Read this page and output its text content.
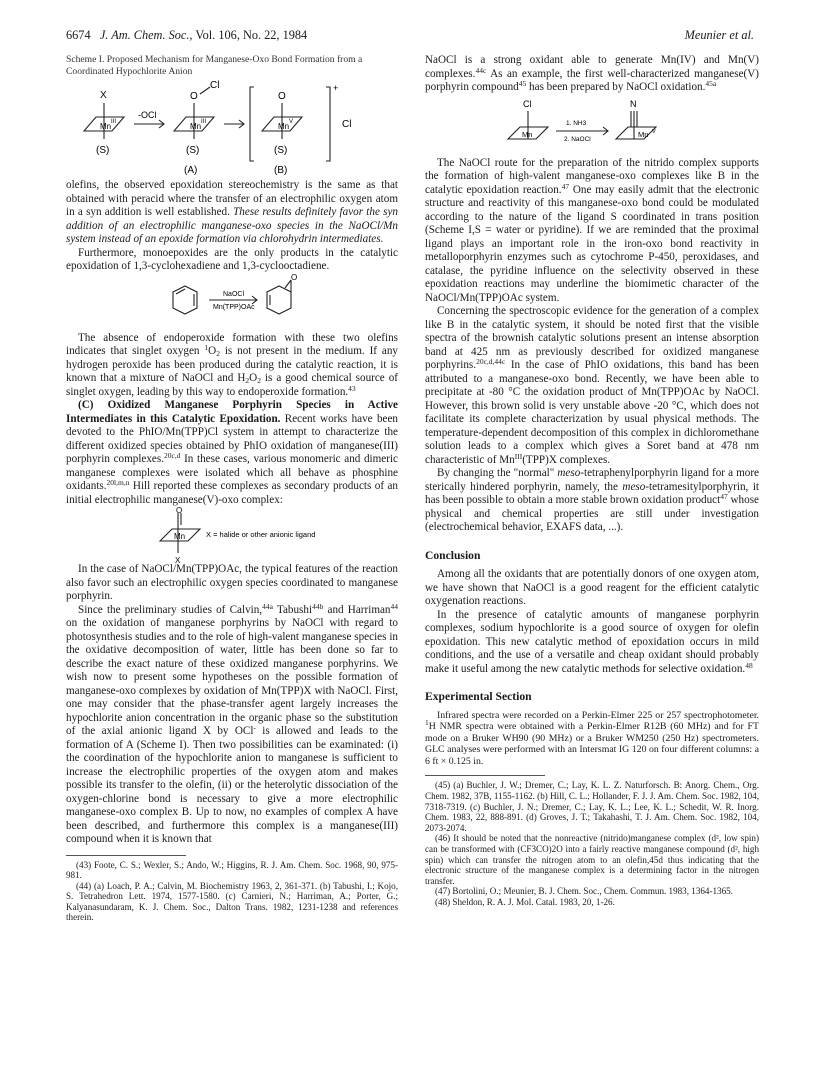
6674 J. Am. Chem. Soc., Vol. 106, No. 22, 1984	Meunier et al.
Scheme I. Proposed Mechanism for Manganese-Oxo Bond Formation from a Coordinated Hypochlorite Anion
X
Mn III
(S)
-OCl
O
Cl
Mn III
(S)
(A)
O
Mn V
(S)
(B)
+
Cl

olefins, the observed epoxidation stereochemistry is the same as that obtained with peracid where the transfer of an electrophilic oxygen atom in a syn addition is well established. These results definitely favor the syn addition of an electrophilic manganese-oxo species in the NaOCl/Mn system instead of an epoxide formation via chlorohydrin intermediates.

Furthermore, monoepoxides are the only products in the catalytic epoxidation of 1,3-cyclohexadiene and 1,3-cyclooctadiene.

NaOCl
Mn(TPP)OAc
O

The absence of endoperoxide formation with these two olefins indicates that singlet oxygen $^1O_2$ is not present in the medium. If any hydrogen peroxide has been produced during the catalytic reaction, it is known that a mixture of NaOCl and $H_2O_2$ is a good chemical source of singlet oxygen, leading by this way to endoperoxide formation.$^{43}$

(C) Oxidized Manganese Porphyrin Species in Active Intermediates in this Catalytic Epoxidation. Recent works have been devoted to the PhIO/Mn(TPP)Cl system in attempt to characterize the different oxidized species obtained by PhIO oxidation of manganese(III) porphyrin complexes.$^{20c,d}$ In these cases, various monomeric and dimeric manganese complexes were isolated which all behave as phosphine oxidants.$^{20l,m,n}$ Hill reported these complexes as secondary products of an initial electrophilic manganese(V)-oxo complex:

O
Mn
X
X = halide or other anionic ligand

In the case of NaOCl/Mn(TPP)OAc, the typical features of the reaction also favor such an electrophilic oxygen species coordinated to manganese porphyrin.

Since the preliminary studies of Calvin,$^{44a}$ Tabushi$^{44b}$ and Harriman$^{44}$ on the oxidation of manganese porphyrins by NaOCl with regard to photosynthesis studies and to the role of high-valent manganese species in the oxidative decomposition of water, little has been done so far to describe the exact nature of these oxidized manganese porphyrins. We wish now to present some hypotheses on the possible formation of manganese-oxo complexes by oxidation of Mn(TPP)X with NaOCl. First, one may consider that the phase-transfer agent largely increases the hypochlorite anion concentration in the organic phase so the substitution of the axial anionic ligand X by OCl- is allowed and leads to the formation of A (Scheme I). Then two possibilities can be examinated: (i) the coordination of the hypochlorite anion to manganese is sufficient to increase the electrophilic properties of the oxygen atom and makes possible its transfer to the olefin, (ii) or the heterolytic dissociation of the oxygen-chlorine bond is necessary to give a more electrophilic manganese-oxo complex B. Up to now, no examples of complex A have been described, and furthermore this complex is a manganese(III) compound when it is known that

(43) Foote, C. S.; Wexler, S.; Ando, W.; Higgins, R. J. Am. Chem. Soc. 1968, 90, 975-981.

(44) (a) Loach, P. A.; Calvin, M. Biochemistry 1963, 2, 361-371. (b) Tabushi, I.; Kojo, S. Tetrahedron Lett. 1974, 1577-1580. (c) Carnieri, N.; Harriman, A.; Porter, G.; Kalyanasundaram, K. J. Chem. Soc., Dalton Trans. 1982, 1231-1238 and references therein.

NaOCl is a strong oxidant able to generate Mn(IV) and Mn(V) complexes.$^{44c}$ As an example, the first well-characterized manganese(V) porphyrin compound$^{45}$ has been prepared by NaOCl oxidation.$^{45a}$

Cl
Mn
1. NH3
2. NaOCl
N
Mn V

The NaOCl route for the preparation of the nitrido complex supports the formation of high-valent manganese-oxo complexes like B in the catalytic epoxidation reaction.$^{47}$ One may easily admit that the electronic structure and reactivity of this manganese-oxo bond could be modulated according to the nature of the ligand S coordinated in trans position (Scheme I,S = water or pyridine). If we are reminded that the proximal ligand plays an important role in the iron-oxo bond reactivity in metalloporphyrin enzymes such as cytochrome P-450, peroxidases, and catalase, the pyridine influence on the selectivity observed in these epoxidation reactions may underline the biomimetic character of the NaOCl/Mn(TPP)OAc system.

Concerning the spectroscopic evidence for the generation of a complex like B in the catalytic system, it should be noted first that the visible spectra of the brownish catalytic solutions present an intense absorption band at 425 nm as previously described for oxidized manganese porphyrins.$^{20c,d,44c}$ In the case of PhIO oxidations, this band has been attributed to a manganese-oxo bond. Recently, we have been able to precipitate at -80 °C the oxidation product of Mn(TPP)OAc by NaOCl. However, this brown solid is very unstable above -20 °C, which does not facilitate its complete characterization by usual physical methods. The temperature-dependent decomposition of this complex in dichloromethane solution leads to a complex which gives a Soret band at 478 nm characteristic of $Mn^{III}(TPP)X$ complexes.

By changing the "normal" meso-tetraphenylporphyrin ligand for a more sterically hindered porphyrin, namely, the meso-tetramesitylporphyrin, it has been possible to obtain a more stable brown oxidation product$^{47}$ whose physical and chemical properties are still under investigation (electrochemical behavior, EXAFS data, ...).

Conclusion

Among all the oxidants that are potentially donors of one oxygen atom, we have shown that NaOCl is a good reagent for the efficient catalytic oxygenation reactions.

In the presence of catalytic amounts of manganese porphyrin complexes, sodium hypochlorite is a good source of oxygen for olefin epoxidation. This new catalytic method of epoxidation occurs in mild conditions, and the use of a versatile and cheap oxidant should probably make it useful among the new catalytic methods for selective oxidation.$^{48}$

Experimental Section

Infrared spectra were recorded on a Perkin-Elmer 225 or 257 spectrophotometer. $^1$H NMR spectra were obtained with a Perkin-Elmer R12B (60 MHz) and for FT mode on a Bruker WH90 (90 MHz) or a Bruker WM250 (250 Hz) spectrometers. GLC analyses were performed with an Intersmat IG 120 on four different columns: a 6 ft × 0.125 in.

(45) (a) Buchler, J. W.; Dremer, C.; Lay, K. L. Z. Naturforsch. B: Anorg. Chem., Org. Chem. 1982, 37B, 1155-1162. (b) Hill, C. L.; Hollander, F. J. J. Am. Chem. Soc. 1982, 104, 7318-7319. (c) Buchler, J. N.; Dremer, C.; Lay, K. L.; Lee, K. L.; Schedit, W. R. Inorg. Chem. 1983, 22, 888-891. (d) Groves, J. T.; Takahashi, T. J. Am. Chem. Soc. 1982, 104, 2073-2074.

(46) It should be noted that the nonreactive (nitrido)manganese complex (d², low spin) can be transformed with (CF3CO)2O into a fairly reactive manganese compound (d², high spin) which can transfer the nitrogen atom to an olefin,45d thus indicating that the electronic structure of the manganese complex is a determining factor in the nitrogen transfer.

(47) Bortolini, O.; Meunier, B. J. Chem. Soc., Chem. Commun. 1983, 1364-1365.

(48) Sheldon, R. A. J. Mol. Catal. 1983, 20, 1-26.
